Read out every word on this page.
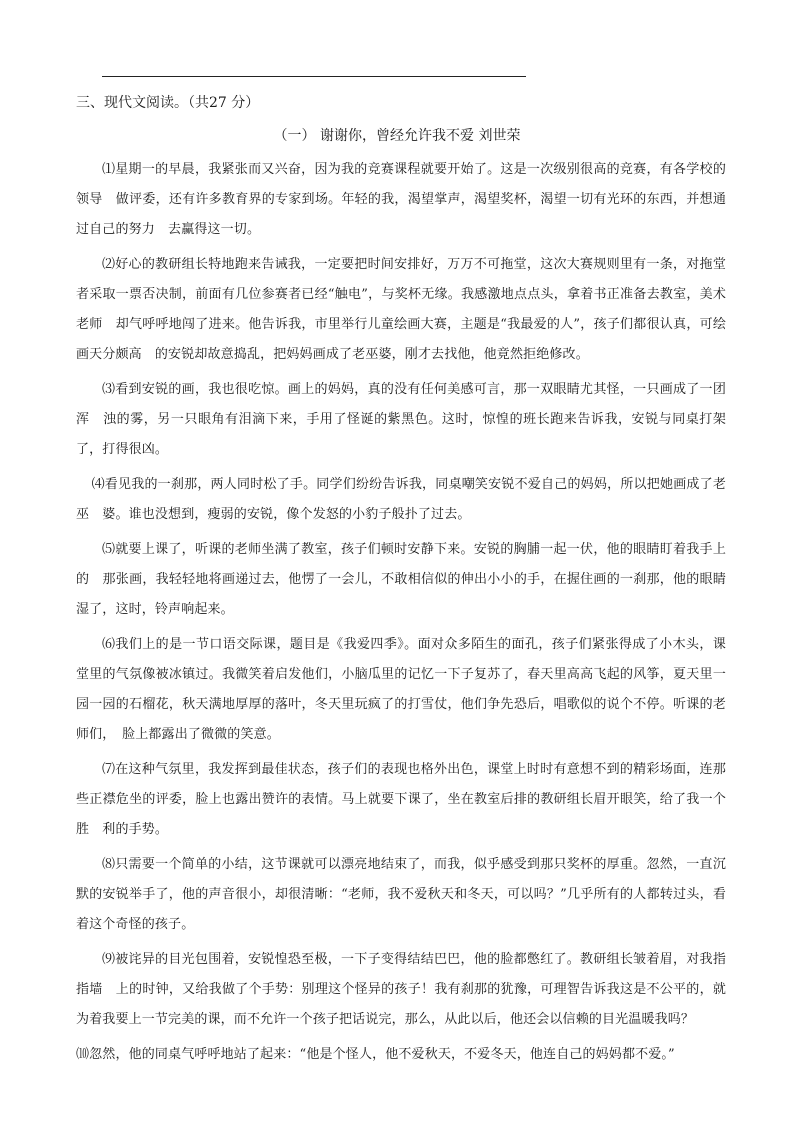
三、现代文阅读。（共27 分）
（一） 谢谢你，曾经允许我不爱 刘世荣

⑴星期一的早晨，我紧张而又兴奋，因为我的竞赛课程就要开始了。这是一次级别很高的竞赛，有各学校的领导　做评委，还有许多教育界的专家到场。年轻的我，渴望掌声，渴望奖杯，渴望一切有光环的东西，并想通过自己的努力　去赢得这一切。

⑵好心的教研组长特地跑来告诫我，一定要把时间安排好，万万不可拖堂，这次大赛规则里有一条，对拖堂　者采取一票否决制，前面有几位参赛者已经“触电”，与奖杯无缘。我感激地点点头，拿着书正准备去教室，美术老师　却气呼呼地闯了进来。他告诉我，市里举行儿童绘画大赛，主题是“我最爱的人”，孩子们都很认真，可绘画天分颇高　的安锐却故意捣乱，把妈妈画成了老巫婆，刚才去找他，他竟然拒绝修改。

⑶看到安锐的画，我也很吃惊。画上的妈妈，真的没有任何美感可言，那一双眼睛尤其怪，一只画成了一团浑　浊的雾，另一只眼角有泪滴下来，手用了怪诞的紫黑色。这时，惊惶的班长跑来告诉我，安锐与同桌打架了，打得很凶。

⑷看见我的一刹那，两人同时松了手。同学们纷纷告诉我，同桌嘲笑安锐不爱自己的妈妈，所以把她画成了老巫　婆。谁也没想到，瘦弱的安锐，像个发怒的小豹子般扑了过去。

⑸就要上课了，听课的老师坐满了教室，孩子们顿时安静下来。安锐的胸脯一起一伏，他的眼睛盯着我手上的　那张画，我轻轻地将画递过去，他愣了一会儿，不敢相信似的伸出小小的手，在握住画的一刹那，他的眼睛湿了，这时，铃声响起来。

⑹我们上的是一节口语交际课，题目是《我爱四季》。面对众多陌生的面孔，孩子们紧张得成了小木头，课堂里的气氛像被冰镇过。我微笑着启发他们，小脑瓜里的记忆一下子复苏了，春天里高高飞起的风筝，夏天里一园一园的石榴花，秋天满地厚厚的落叶，冬天里玩疯了的打雪仗，他们争先恐后，唱歌似的说个不停。听课的老师们，　脸上都露出了微微的笑意。

⑺在这种气氛里，我发挥到最佳状态，孩子们的表现也格外出色，课堂上时时有意想不到的精彩场面，连那　些正襟危坐的评委，脸上也露出赞许的表情。马上就要下课了，坐在教室后排的教研组长眉开眼笑，给了我一个胜　利的手势。

⑻只需要一个简单的小结，这节课就可以漂亮地结束了，而我，似乎感受到那只奖杯的厚重。忽然，一直沉默的安锐举手了，他的声音很小，却很清晰：“老师，我不爱秋天和冬天，可以吗？”几乎所有的人都转过头，看着这个奇怪的孩子。

⑼被诧异的目光包围着，安锐惶恐至极，一下子变得结结巴巴，他的脸都憋红了。教研组长皱着眉，对我指指墙　上的时钟，又给我做了个手势：别理这个怪异的孩子！我有刹那的犹豫，可理智告诉我这是不公平的，就为着我要上一节完美的课，而不允许一个孩子把话说完，那么，从此以后，他还会以信赖的目光温暖我吗？

⑽忽然，他的同桌气呼呼地站了起来：“他是个怪人，他不爱秋天，不爱冬天，他连自己的妈妈都不爱。”
